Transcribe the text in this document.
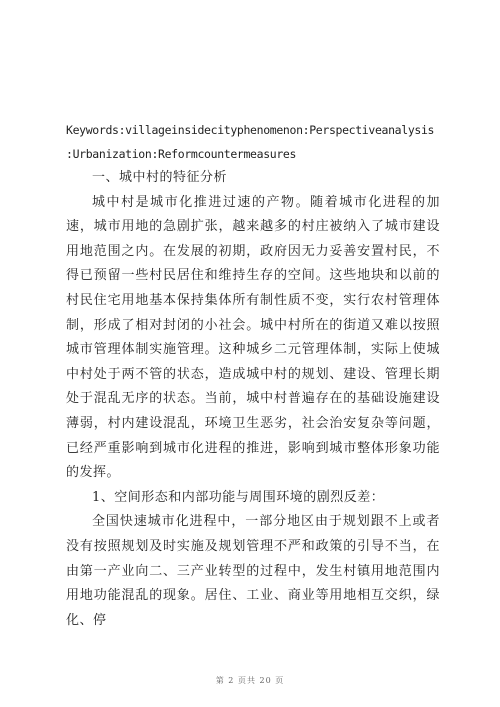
Keywords:villageinsidecityphenomenon:Perspectiveanalysis
:Urbanization:Reformcountermeasures

一、城中村的特征分析

城中村是城市化推进过速的产物。随着城市化进程的加速，城市用地的急剧扩张，越来越多的村庄被纳入了城市建设用地范围之内。在发展的初期，政府因无力妥善安置村民，不得已预留一些村民居住和维持生存的空间。这些地块和以前的村民住宅用地基本保持集体所有制性质不变，实行农村管理体制，形成了相对封闭的小社会。城中村所在的街道又难以按照城市管理体制实施管理。这种城乡二元管理体制，实际上使城中村处于两不管的状态，造成城中村的规划、建设、管理长期处于混乱无序的状态。当前，城中村普遍存在的基础设施建设薄弱，村内建设混乱，环境卫生恶劣，社会治安复杂等问题，已经严重影响到城市化进程的推进，影响到城市整体形象功能的发挥。

1、空间形态和内部功能与周围环境的剧烈反差：

全国快速城市化进程中，一部分地区由于规划跟不上或者没有按照规划及时实施及规划管理不严和政策的引导不当，在由第一产业向二、三产业转型的过程中，发生村镇用地范围内用地功能混乱的现象。居住、工业、商业等用地相互交织，绿化、停

第 2 页共 20 页
